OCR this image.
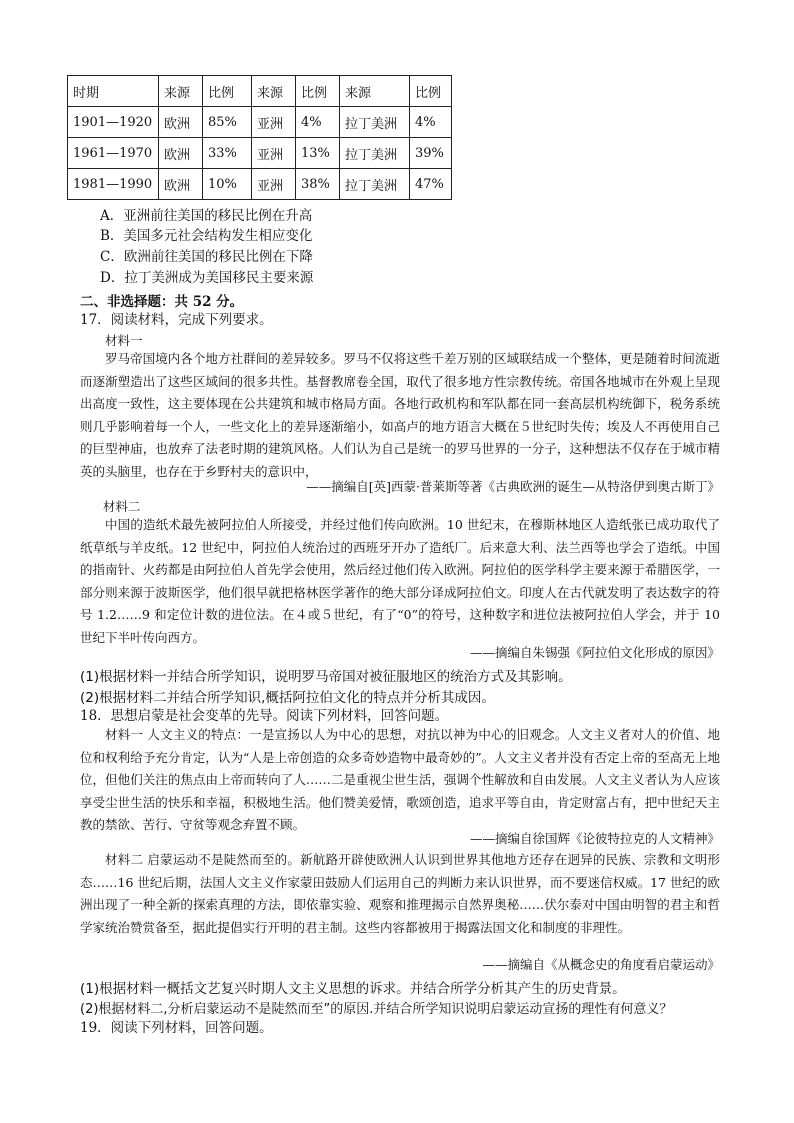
时期	来源	比例	来源	比例	来源	比例
1901—1920	欧洲	85%	亚洲	4%	拉丁美洲	4%
1961—1970	欧洲	33%	亚洲	13%	拉丁美洲	39%
1981—1990	欧洲	10%	亚洲	38%	拉丁美洲	47%
A．亚洲前往美国的移民比例在升高
B．美国多元社会结构发生相应变化
C．欧洲前往美国的移民比例在下降
D．拉丁美洲成为美国移民主要来源
二、非选择题：共 52 分。
17．阅读材料，完成下列要求。
材料一

罗马帝国境内各个地方社群间的差异较多。罗马不仅将这些千差万别的区域联结成一个整体，更是随着时间流逝而逐渐塑造出了这些区域间的很多共性。基督教席卷全国，取代了很多地方性宗教传统。帝国各地城市在外观上呈现出高度一致性，这主要体现在公共建筑和城市格局方面。各地行政机构和军队都在同一套高层机构统御下，税务系统则几乎影响着每一个人，一些文化上的差异逐渐缩小，如高卢的地方语言大概在５世纪时失传；埃及人不再使用自己的巨型神庙，也放弃了法老时期的建筑风格。人们认为自己是统一的罗马世界的一分子，这种想法不仅存在于城市精英的头脑里，也存在于乡野村夫的意识中，

——摘编自[英]西蒙·普莱斯等著《古典欧洲的诞生—从特洛伊到奥古斯丁》
材料二

中国的造纸术最先被阿拉伯人所接受，并经过他们传向欧洲。10 世纪末，在穆斯林地区人造纸张已成功取代了纸草纸与羊皮纸。12 世纪中，阿拉伯人统治过的西班牙开办了造纸厂。后来意大利、法兰西等也学会了造纸。中国的指南针、火药都是由阿拉伯人首先学会使用，然后经过他们传入欧洲。阿拉伯的医学科学主要来源于希腊医学，一部分则来源于波斯医学，他们很早就把格林医学著作的绝大部分译成阿拉伯文。印度人在古代就发明了表达数字的符号 1.2……9 和定位计数的进位法。在４或５世纪，有了“0”的符号，这种数字和进位法被阿拉伯人学会，并于 10 世纪下半叶传向西方。

——摘编自朱锡强《阿拉伯文化形成的原因》
(1)根据材料一并结合所学知识，说明罗马帝国对被征服地区的统治方式及其影响。
(2)根据材料二并结合所学知识,概括阿拉伯文化的特点并分析其成因。
18．思想启蒙是社会变革的先导。阅读下列材料，回答问题。

材料一 人文主义的特点：一是宣扬以人为中心的思想，对抗以神为中心的旧观念。人文主义者对人的价值、地位和权利给予充分肯定，认为“人是上帝创造的众多奇妙造物中最奇妙的”。人文主义者并没有否定上帝的至高无上地位，但他们关注的焦点由上帝而转向了人……二是重视尘世生活，强调个性解放和自由发展。人文主义者认为人应该享受尘世生活的快乐和幸福，积极地生活。他们赞美爱情，歌颂创造，追求平等自由，肯定财富占有，把中世纪天主教的禁欲、苦行、守贫等观念弃置不顾。

——摘编自徐国辉《论彼特拉克的人文精神》

材料二 启蒙运动不是陡然而至的。新航路开辟使欧洲人认识到世界其他地方还存在迥异的民族、宗教和文明形态……16 世纪后期，法国人文主义作家蒙田鼓励人们运用自己的判断力来认识世界，而不要迷信权威。17 世纪的欧洲出现了一种全新的探索真理的方法，即依靠实验、观察和推理揭示自然界奥秘……伏尔泰对中国由明智的君主和哲学家统治赞赏备至，据此提倡实行开明的君主制。这些内容都被用于揭露法国文化和制度的非理性。

——摘编自《从概念史的角度看启蒙运动》
(1)根据材料一概括文艺复兴时期人文主义思想的诉求。并结合所学分析其产生的历史背景。
(2)根据材料二,分析启蒙运动不是陡然而至”的原因.并结合所学知识说明启蒙运动宣扬的理性有何意义？
19．阅读下列材料，回答问题。
